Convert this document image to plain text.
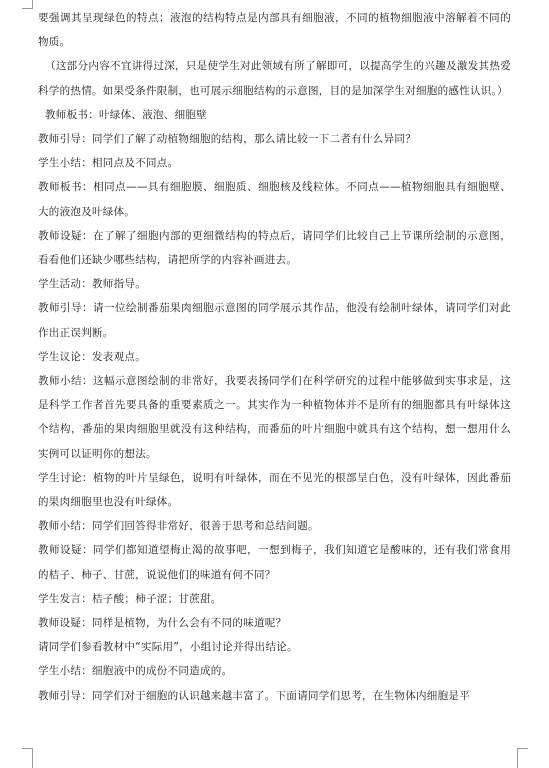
要强调其呈现绿色的特点；液泡的结构特点是内部具有细胞液，不同的植物细胞液中溶解着不同的物质。

（这部分内容不宜讲得过深，只是使学生对此领域有所了解即可，以提高学生的兴趣及激发其热爱科学的热情。如果受条件限制，也可展示细胞结构的示意图，目的是加深学生对细胞的感性认识。）

教师板书：叶绿体、液泡、细胞壁

教师引导：同学们了解了动植物细胞的结构，那么请比较一下二者有什么异同？

学生小结：相同点及不同点。

教师板书：相同点——具有细胞膜、细胞质、细胞核及线粒体。不同点——植物细胞具有细胞壁、大的液泡及叶绿体。

教师设疑：在了解了细胞内部的更细微结构的特点后，请同学们比较自己上节课所绘制的示意图，看看他们还缺少哪些结构，请把所学的内容补画进去。

学生活动：教师指导。

教师引导：请一位绘制番茄果肉细胞示意图的同学展示其作品，他没有绘制叶绿体，请同学们对此作出正误判断。

学生议论：发表观点。

教师小结：这幅示意图绘制的非常好，我要表扬同学们在科学研究的过程中能够做到实事求是，这是科学工作者首先要具备的重要素质之一。其实作为一种植物体并不是所有的细胞都具有叶绿体这个结构，番茄的果肉细胞里就没有这种结构，而番茄的叶片细胞中就具有这个结构，想一想用什么实例可以证明你的想法。

学生讨论：植物的叶片呈绿色，说明有叶绿体，而在不见光的根部呈白色，没有叶绿体，因此番茄的果肉细胞里也没有叶绿体。

教师小结：同学们回答得非常好，很善于思考和总结问题。

教师设疑：同学们都知道望梅止渴的故事吧，一想到梅子，我们知道它是酸味的，还有我们常食用的桔子、柿子、甘蔗，说说他们的味道有何不同？

学生发言：桔子酸；柿子涩；甘蔗甜。

教师设疑：同样是植物，为什么会有不同的味道呢？

请同学们参看教材中“实际用”，小组讨论并得出结论。

学生小结：细胞液中的成份不同造成的。

教师引导：同学们对于细胞的认识越来越丰富了。下面请同学们思考，在生物体内细胞是平
